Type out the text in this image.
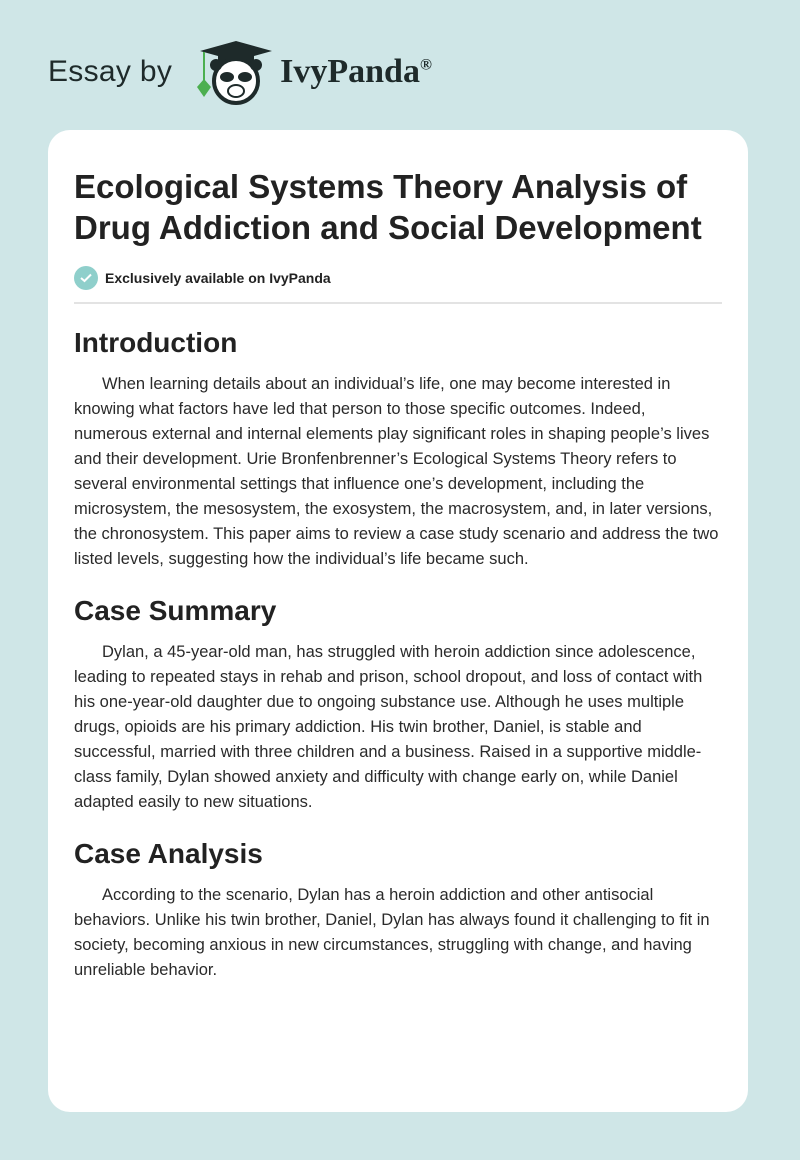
Essay by	IvyPanda®
Ecological Systems Theory Analysis of Drug Addiction and Social Development
Exclusively available on IvyPanda
Introduction

When learning details about an individual’s life, one may become interested in knowing what factors have led that person to those specific outcomes. Indeed, numerous external and internal elements play significant roles in shaping people’s lives and their development. Urie Bronfenbrenner’s Ecological Systems Theory refers to several environmental settings that influence one’s development, including the microsystem, the mesosystem, the exosystem, the macrosystem, and, in later versions, the chronosystem. This paper aims to review a case study scenario and address the two listed levels, suggesting how the individual’s life became such.

Case Summary

Dylan, a 45-year-old man, has struggled with heroin addiction since adolescence, leading to repeated stays in rehab and prison, school dropout, and loss of contact with his one-year-old daughter due to ongoing substance use. Although he uses multiple drugs, opioids are his primary addiction. His twin brother, Daniel, is stable and successful, married with three children and a business. Raised in a supportive middle-class family, Dylan showed anxiety and difficulty with change early on, while Daniel adapted easily to new situations.

Case Analysis

According to the scenario, Dylan has a heroin addiction and other antisocial behaviors. Unlike his twin brother, Daniel, Dylan has always found it challenging to fit in society, becoming anxious in new circumstances, struggling with change, and having unreliable behavior.
